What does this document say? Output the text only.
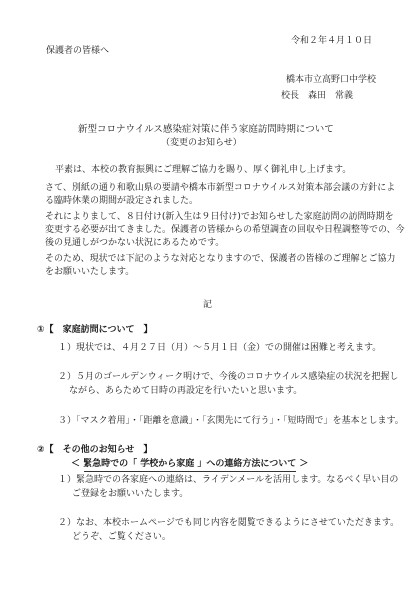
令和２年４月１０日
保護者の皆様へ
橋本市立高野口中学校
校長　森田　常義
新型コロナウイルス感染症対策に伴う家庭訪問時期について
（変更のお知らせ）
平素は、本校の教育振興にご理解ご協力を賜り、厚く御礼申し上げます。
さて、別紙の通り和歌山県の要請や橋本市新型コロナウイルス対策本部会議の方針によ
る臨時休業の期間が設定されました。
それによりまして、８日付け(新入生は９日付け)でお知らせした家庭訪問の訪問時期を
変更する必要が出てきました。保護者の皆様からの希望調査の回収や日程調整等での、今
後の見通しがつかない状況にあるためです。
そのため、現状では下記のような対応となりますので、保護者の皆様のご理解とご協力
をお願いいたします。
記
①【　家庭訪問について　】
１）現状では、４月２７日（月）～５月１日（金）での開催は困難と考えます。
２）５月のゴールデンウィーク明けで、今後のコロナウイルス感染症の状況を把握し
ながら、あらためて日時の再設定を行いたいと思います。
３）「マスク着用」・「距離を意識」・「玄関先にて行う」・「短時間で」を基本とします。
②【　その他のお知らせ　】
＜ 緊急時での「 学校から家庭 」への連絡方法について ＞
１）緊急時での各家庭への連絡は、ライデンメールを活用します。なるべく早い目の
ご登録をお願いいたします。
２）なお、本校ホームページでも同じ内容を閲覧できるようにさせていただきます。
どうぞ、ご覧ください。
